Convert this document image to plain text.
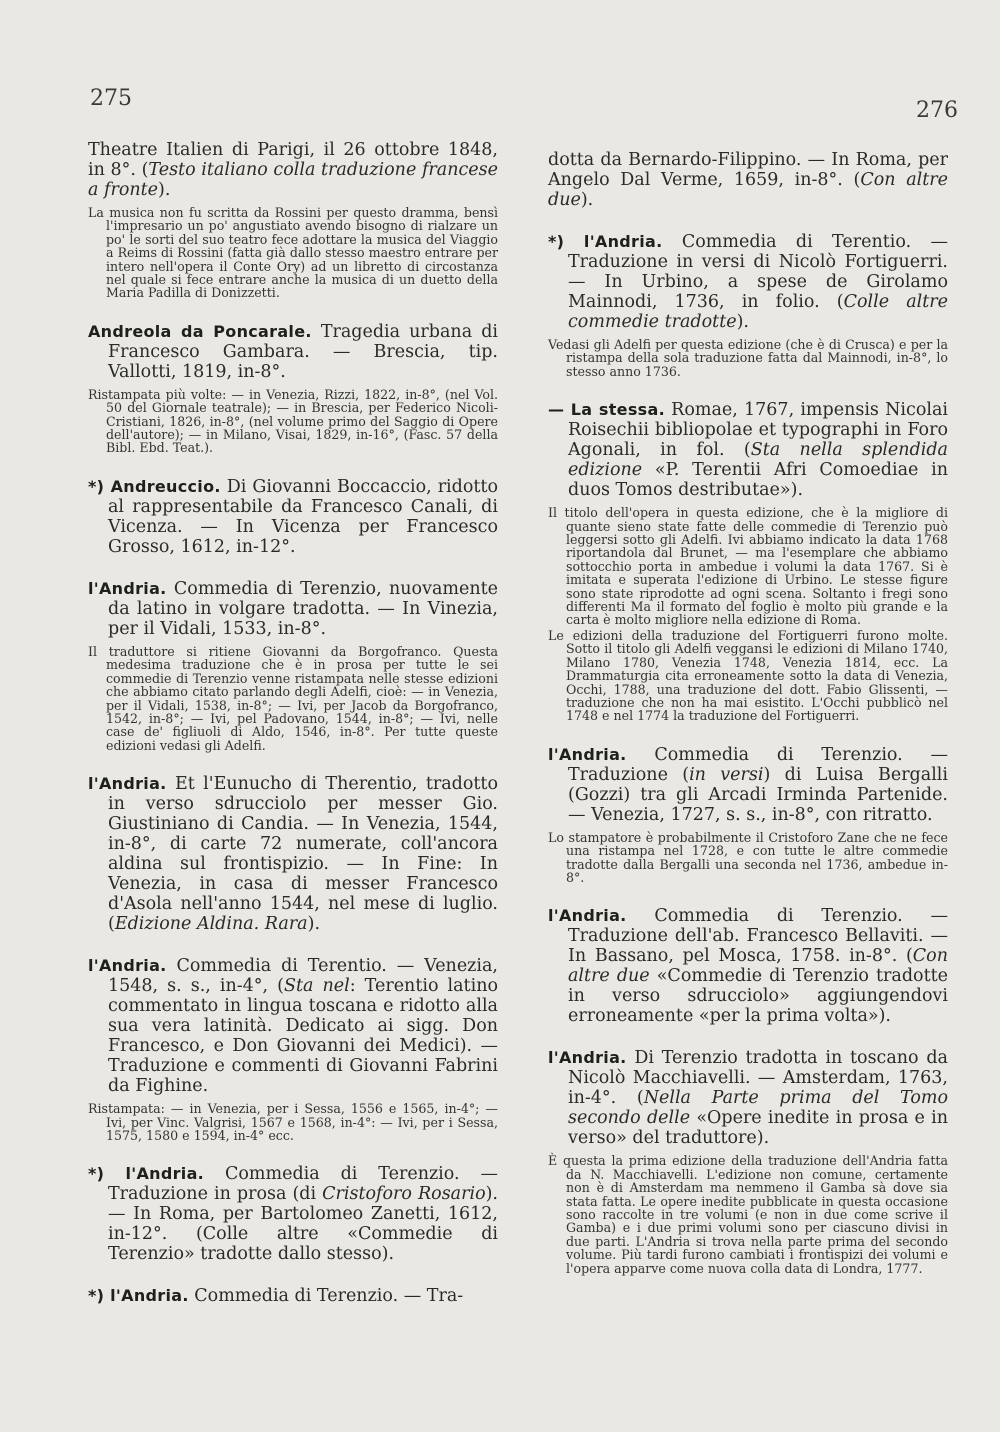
275	276

Theatre Italien di Parigi, il 26 ottobre 1848, in 8°. (Testo italiano colla traduzione francese a fronte).

La musica non fu scritta da Rossini per questo dramma, bensì l'impresario un po' angustiato avendo bisogno di rialzare un po' le sorti del suo teatro fece adottare la musica del Viaggio a Reims di Rossini (fatta già dallo stesso maestro entrare per intero nell'opera il Conte Ory) ad un libretto di circostanza nel quale si fece entrare anche la musica di un duetto della Maria Padilla di Donizzetti.

Andreola da Poncarale. Tragedia urbana di Francesco Gambara. — Brescia, tip. Vallotti, 1819, in-8°.

Ristampata più volte: — in Venezia, Rizzi, 1822, in-8°, (nel Vol. 50 del Giornale teatrale); — in Brescia, per Federico Nicoli-Cristiani, 1826, in-8°, (nel volume primo del Saggio di Opere dell'autore); — in Milano, Visai, 1829, in-16°, (Fasc. 57 della Bibl. Ebd. Teat.).

*) Andreuccio. Di Giovanni Boccaccio, ridotto al rappresentabile da Francesco Canali, di Vicenza. — In Vicenza per Francesco Grosso, 1612, in-12°.

l'Andria. Commedia di Terenzio, nuovamente da latino in volgare tradotta. — In Vinezia, per il Vidali, 1533, in-8°.

Il traduttore si ritiene Giovanni da Borgofranco. Questa medesima traduzione che è in prosa per tutte le sei commedie di Terenzio venne ristampata nelle stesse edizioni che abbiamo citato parlando degli Adelfi, cioè: — in Venezia, per il Vidali, 1538, in-8°; — Ivi, per Jacob da Borgofranco, 1542, in-8°; — Ivi, pel Padovano, 1544, in-8°; — Ivi, nelle case de' figliuoli di Aldo, 1546, in-8°. Per tutte queste edizioni vedasi gli Adelfi.

l'Andria. Et l'Eunucho di Therentio, tradotto in verso sdrucciolo per messer Gio. Giustiniano di Candia. — In Venezia, 1544, in-8°, di carte 72 numerate, coll'ancora aldina sul frontispizio. — In Fine: In Venezia, in casa di messer Francesco d'Asola nell'anno 1544, nel mese di luglio. (Edizione Aldina. Rara).

l'Andria. Commedia di Terentio. — Venezia, 1548, s. s., in-4°, (Sta nel: Terentio latino commentato in lingua toscana e ridotto alla sua vera latinità. Dedicato ai sigg. Don Francesco, e Don Giovanni dei Medici). — Traduzione e commenti di Giovanni Fabrini da Fighine.

Ristampata: — in Venezia, per i Sessa, 1556 e 1565, in-4°; — Ivi, per Vinc. Valgrisi, 1567 e 1568, in-4°: — Ivi, per i Sessa, 1575, 1580 e 1594, in-4° ecc.

*) l'Andria. Commedia di Terenzio. — Traduzione in prosa (di Cristoforo Rosario). — In Roma, per Bartolomeo Zanetti, 1612, in-12°. (Colle altre «Commedie di Terenzio» tradotte dallo stesso).

*) l'Andria. Commedia di Terenzio. — Tra-

dotta da Bernardo-Filippino. — In Roma, per Angelo Dal Verme, 1659, in-8°. (Con altre due).

*) l'Andria. Commedia di Terentio. — Traduzione in versi di Nicolò Fortiguerri. — In Urbino, a spese de Girolamo Mainnodi, 1736, in folio. (Colle altre commedie tradotte).

Vedasi gli Adelfi per questa edizione (che è di Crusca) e per la ristampa della sola traduzione fatta dal Mainnodi, in-8°, lo stesso anno 1736.

— La stessa. Romae, 1767, impensis Nicolai Roisechii bibliopolae et typographi in Foro Agonali, in fol. (Sta nella splendida edizione «P. Terentii Afri Comoediae in duos Tomos destributae»).

Il titolo dell'opera in questa edizione, che è la migliore di quante sieno state fatte delle commedie di Terenzio può leggersi sotto gli Adelfi. Ivi abbiamo indicato la data 1768 riportandola dal Brunet, — ma l'esemplare che abbiamo sottocchio porta in ambedue i volumi la data 1767. Si è imitata e superata l'edizione di Urbino. Le stesse figure sono state riprodotte ad ogni scena. Soltanto i fregi sono differenti Ma il formato del foglio è molto più grande e la carta è molto migliore nella edizione di Roma.

Le edizioni della traduzione del Fortiguerri furono molte. Sotto il titolo gli Adelfi veggansi le edizioni di Milano 1740, Milano 1780, Venezia 1748, Venezia 1814, ecc. La Drammaturgia cita erroneamente sotto la data di Venezia, Occhi, 1788, una traduzione del dott. Fabio Glissenti, — traduzione che non ha mai esistito. L'Occhi pubblicò nel 1748 e nel 1774 la traduzione del Fortiguerri.

l'Andria. Commedia di Terenzio. — Traduzione (in versi) di Luisa Bergalli (Gozzi) tra gli Arcadi Irminda Partenide. — Venezia, 1727, s. s., in-8°, con ritratto.

Lo stampatore è probabilmente il Cristoforo Zane che ne fece una ristampa nel 1728, e con tutte le altre commedie tradotte dalla Bergalli una seconda nel 1736, ambedue in-8°.

l'Andria. Commedia di Terenzio. — Traduzione dell'ab. Francesco Bellaviti. — In Bassano, pel Mosca, 1758. in-8°. (Con altre due «Commedie di Terenzio tradotte in verso sdrucciolo» aggiungendovi erroneamente «per la prima volta»).

l'Andria. Di Terenzio tradotta in toscano da Nicolò Macchiavelli. — Amsterdam, 1763, in-4°. (Nella Parte prima del Tomo secondo delle «Opere inedite in prosa e in verso» del traduttore).

È questa la prima edizione della traduzione dell'Andria fatta da N. Macchiavelli. L'edizione non comune, certamente non è di Amsterdam ma nemmeno il Gamba sà dove sia stata fatta. Le opere inedite pubblicate in questa occasione sono raccolte in tre volumi (e non in due come scrive il Gamba) e i due primi volumi sono per ciascuno divisi in due parti. L'Andria si trova nella parte prima del secondo volume. Più tardi furono cambiati i frontispizi dei volumi e l'opera apparve come nuova colla data di Londra, 1777.
